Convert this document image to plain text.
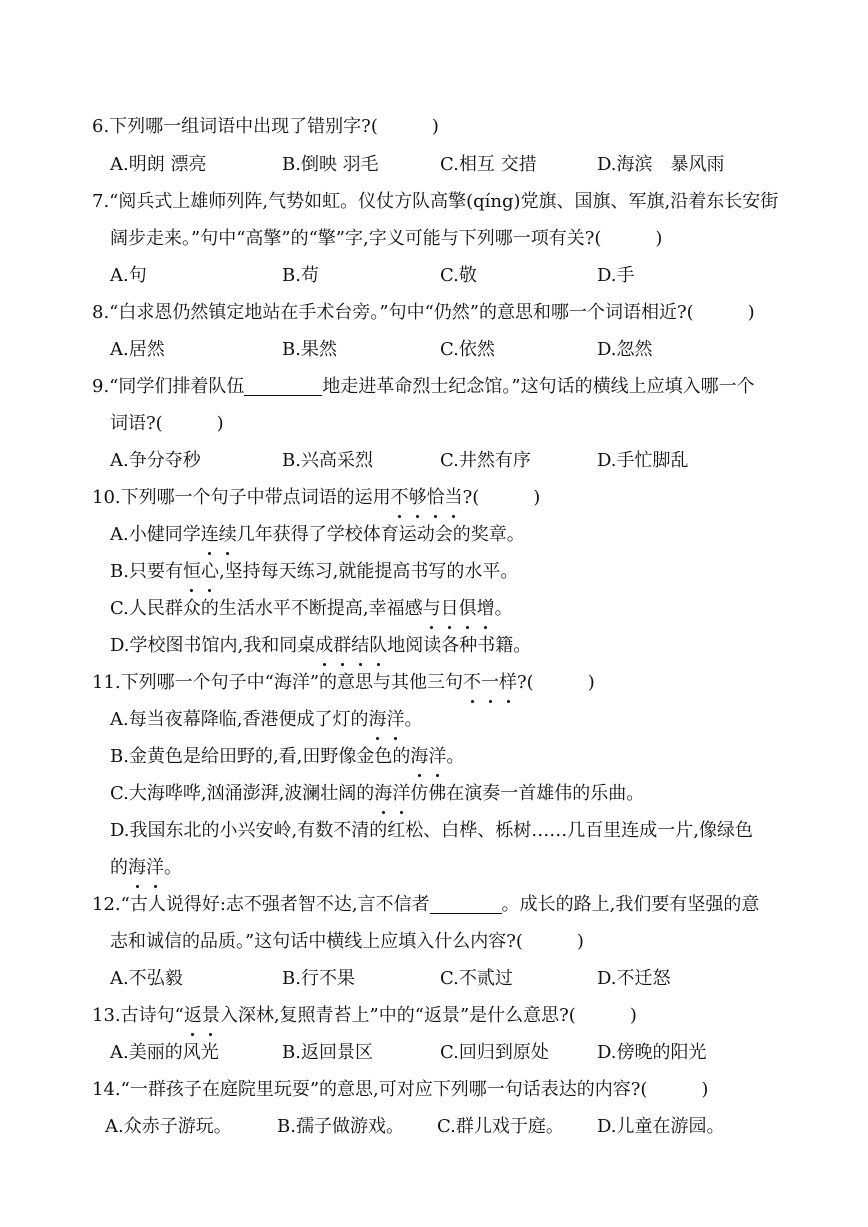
6.下列哪一组词语中出现了错别字?(　　　)
A.明朗 漂亮	B.倒映 羽毛	C.相互 交措	D.海滨　暴风雨
7.“阅兵式上雄师列阵,气势如虹。仪仗方队高擎(qíng)党旗、国旗、军旗,沿着东长安街
阔步走来。”句中“高擎”的“擎”字,字义可能与下列哪一项有关?(　　　)
A.句	B.苟	C.敬	D.手
8.“白求恩仍然镇定地站在手术台旁。”句中“仍然”的意思和哪一个词语相近?(　　　)
A.居然	B.果然	C.依然	D.忽然
9.“同学们排着队伍	地走进革命烈士纪念馆。”这句话的横线上应填入哪一个
词语?(　　　)
A.争分夺秒	B.兴高采烈	C.井然有序	D.手忙脚乱
10.下列哪一个句子中带点词语的运用不够恰当?(　　　)
A.小健同学连续几年获得了学校体育运动会的奖章。
B.只要有恒心,坚持每天练习,就能提高书写的水平。
C.人民群众的生活水平不断提高,幸福感与日俱增。
D.学校图书馆内,我和同桌成群结队地阅读各种书籍。
11.下列哪一个句子中“海洋”的意思与其他三句不一样?(　　　)
A.每当夜幕降临,香港便成了灯的海洋。
B.金黄色是给田野的,看,田野像金色的海洋。
C.大海哗哗,汹涌澎湃,波澜壮阔的海洋仿佛在演奏一首雄伟的乐曲。
D.我国东北的小兴安岭,有数不清的红松、白桦、栎树……几百里连成一片,像绿色
的海洋。
12.“古人说得好:志不强者智不达,言不信者	。成长的路上,我们要有坚强的意
志和诚信的品质。”这句话中横线上应填入什么内容?(　　　)
A.不弘毅	B.行不果	C.不贰过	D.不迁怒
13.古诗句“返景入深林,复照青苔上”中的“返景”是什么意思?(　　　)
A.美丽的风光	B.返回景区	C.回归到原处	D.傍晚的阳光
14.“一群孩子在庭院里玩耍”的意思,可对应下列哪一句话表达的内容?(　　　)
A.众赤子游玩。	B.孺子做游戏。 C.群儿戏于庭。 D.儿童在游园。
